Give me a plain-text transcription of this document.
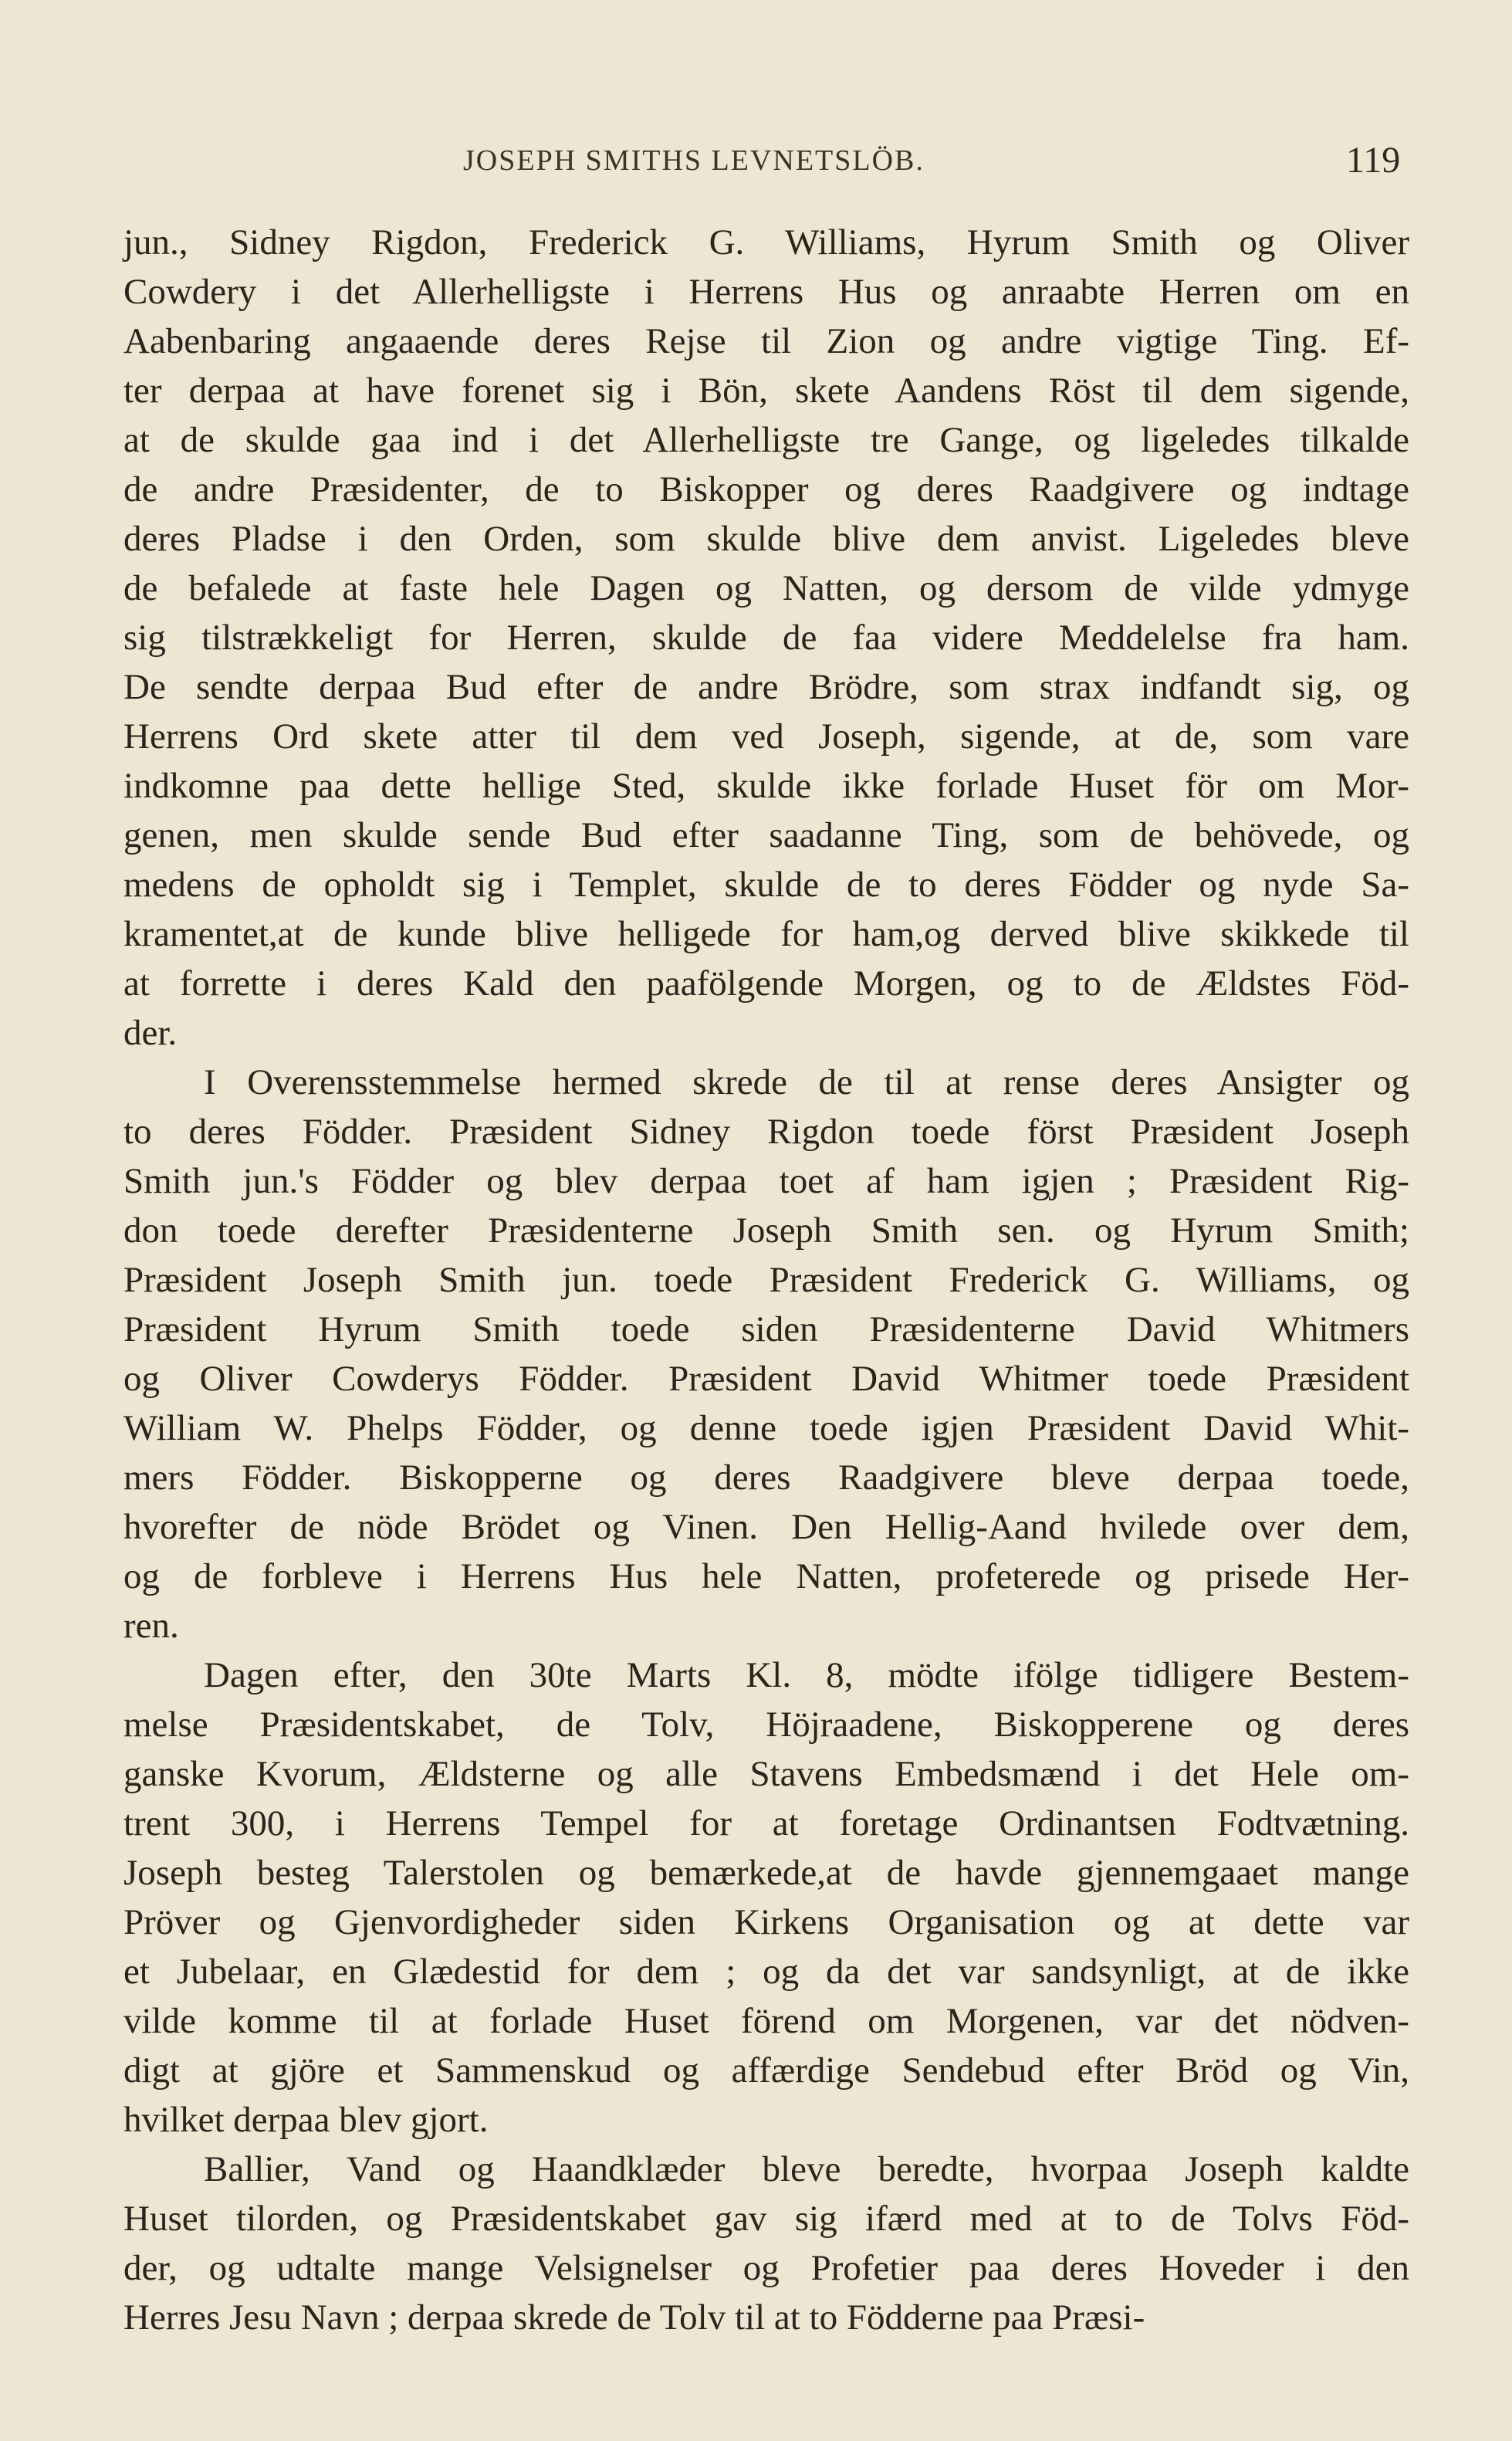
JOSEPH SMITHS LEVNETSLÖB.	119
jun., Sidney Rigdon, Frederick G. Williams, Hyrum Smith og Oliver
Cowdery i det Allerhelligste i Herrens Hus og anraabte Herren om en
Aabenbaring angaaende deres Rejse til Zion og andre vigtige Ting. Ef-
ter derpaa at have forenet sig i Bön, skete Aandens Röst til dem sigende,
at de skulde gaa ind i det Allerhelligste tre Gange, og ligeledes tilkalde
de andre Præsidenter, de to Biskopper og deres Raadgivere og indtage
deres Pladse i den Orden, som skulde blive dem anvist. Ligeledes bleve
de befalede at faste hele Dagen og Natten, og dersom de vilde ydmyge
sig tilstrækkeligt for Herren, skulde de faa videre Meddelelse fra ham.
De sendte derpaa Bud efter de andre Brödre, som strax indfandt sig, og
Herrens Ord skete atter til dem ved Joseph, sigende, at de, som vare
indkomne paa dette hellige Sted, skulde ikke forlade Huset för om Mor-
genen, men skulde sende Bud efter saadanne Ting, som de behövede, og
medens de opholdt sig i Templet, skulde de to deres Födder og nyde Sa-
kramentet,at de kunde blive helligede for ham,og derved blive skikkede til
at forrette i deres Kald den paafölgende Morgen, og to de Ældstes Föd-
der.
I Overensstemmelse hermed skrede de til at rense deres Ansigter og
to deres Födder. Præsident Sidney Rigdon toede först Præsident Joseph
Smith jun.'s Födder og blev derpaa toet af ham igjen ; Præsident Rig-
don toede derefter Præsidenterne Joseph Smith sen. og Hyrum Smith;
Præsident Joseph Smith jun. toede Præsident Frederick G. Williams, og
Præsident Hyrum Smith toede siden Præsidenterne David Whitmers
og Oliver Cowderys Födder. Præsident David Whitmer toede Præsident
William W. Phelps Födder, og denne toede igjen Præsident David Whit-
mers Födder. Biskopperne og deres Raadgivere bleve derpaa toede,
hvorefter de nöde Brödet og Vinen. Den Hellig-Aand hvilede over dem,
og de forbleve i Herrens Hus hele Natten, profeterede og prisede Her-
ren.
Dagen efter, den 30te Marts Kl. 8, mödte ifölge tidligere Bestem-
melse Præsidentskabet, de Tolv, Höjraadene, Biskopperene og deres
ganske Kvorum, Ældsterne og alle Stavens Embedsmænd i det Hele om-
trent 300, i Herrens Tempel for at foretage Ordinantsen Fodtvætning.
Joseph besteg Talerstolen og bemærkede,at de havde gjennemgaaet mange
Pröver og Gjenvordigheder siden Kirkens Organisation og at dette var
et Jubelaar, en Glædestid for dem ; og da det var sandsynligt, at de ikke
vilde komme til at forlade Huset förend om Morgenen, var det nödven-
digt at gjöre et Sammenskud og affærdige Sendebud efter Bröd og Vin,
hvilket derpaa blev gjort.
Ballier, Vand og Haandklæder bleve beredte, hvorpaa Joseph kaldte
Huset tilorden, og Præsidentskabet gav sig ifærd med at to de Tolvs Föd-
der, og udtalte mange Velsignelser og Profetier paa deres Hoveder i den
Herres Jesu Navn ; derpaa skrede de Tolv til at to Födderne paa Præsi-
